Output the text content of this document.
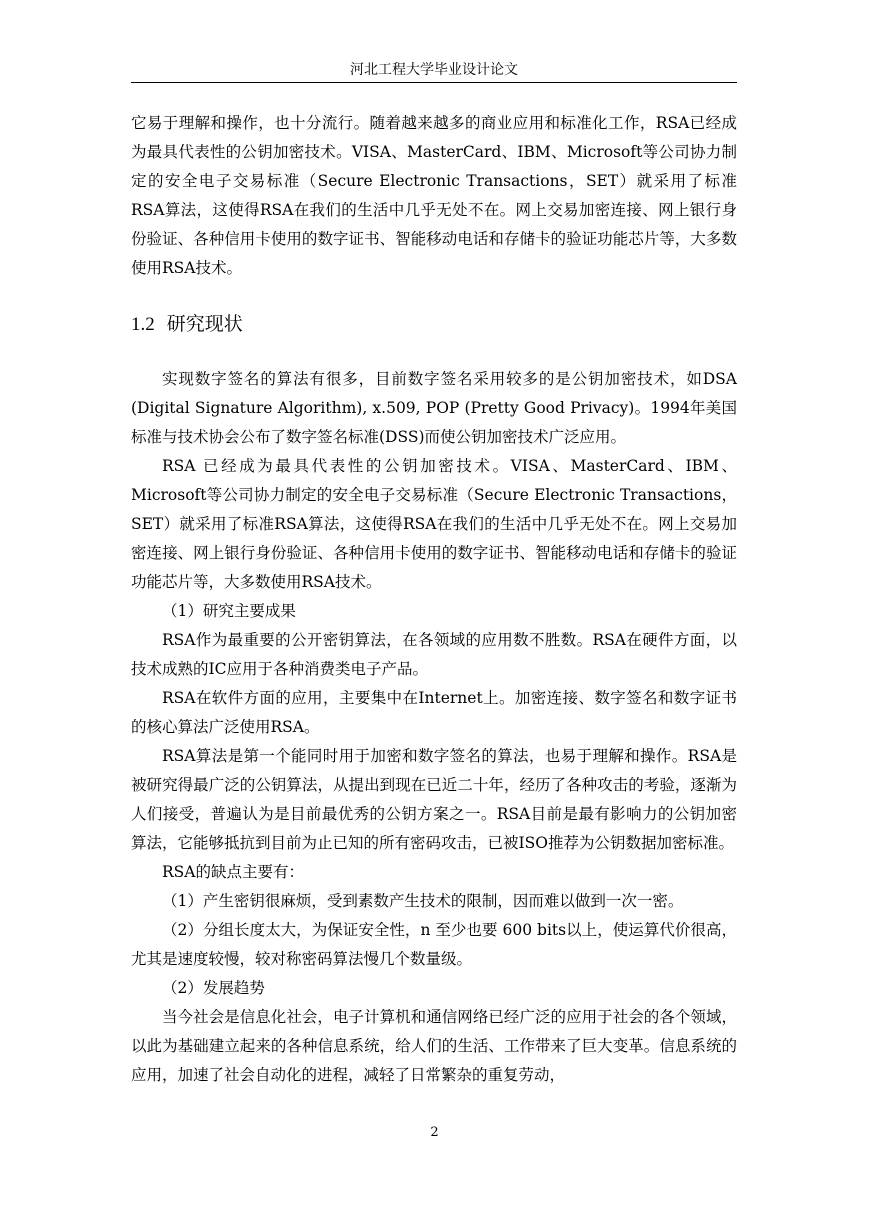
河北工程大学毕业设计论文

它易于理解和操作，也十分流行。随着越来越多的商业应用和标准化工作，RSA已经成为最具代表性的公钥加密技术。VISA、MasterCard、IBM、Microsoft等公司协力制定的安全电子交易标准（Secure Electronic Transactions，SET）就采用了标准RSA算法，这使得RSA在我们的生活中几乎无处不在。网上交易加密连接、网上银行身份验证、各种信用卡使用的数字证书、智能移动电话和存储卡的验证功能芯片等，大多数使用RSA技术。

1.2 研究现状

实现数字签名的算法有很多，目前数字签名采用较多的是公钥加密技术，如DSA (Digital Signature Algorithm), x.509, POP (Pretty Good Privacy)。1994年美国标准与技术协会公布了数字签名标准(DSS)而使公钥加密技术广泛应用。

RSA 已经成为最具代表性的公钥加密技术。VISA、MasterCard、IBM、Microsoft等公司协力制定的安全电子交易标准（Secure Electronic Transactions，SET）就采用了标准RSA算法，这使得RSA在我们的生活中几乎无处不在。网上交易加密连接、网上银行身份验证、各种信用卡使用的数字证书、智能移动电话和存储卡的验证功能芯片等，大多数使用RSA技术。

（1）研究主要成果

RSA作为最重要的公开密钥算法，在各领域的应用数不胜数。RSA在硬件方面，以技术成熟的IC应用于各种消费类电子产品。

RSA在软件方面的应用，主要集中在Internet上。加密连接、数字签名和数字证书的核心算法广泛使用RSA。

RSA算法是第一个能同时用于加密和数字签名的算法，也易于理解和操作。RSA是被研究得最广泛的公钥算法，从提出到现在已近二十年，经历了各种攻击的考验，逐渐为人们接受，普遍认为是目前最优秀的公钥方案之一。RSA目前是最有影响力的公钥加密算法，它能够抵抗到目前为止已知的所有密码攻击，已被ISO推荐为公钥数据加密标准。

RSA的缺点主要有：

（1）产生密钥很麻烦，受到素数产生技术的限制，因而难以做到一次一密。

（2）分组长度太大，为保证安全性，n 至少也要 600 bits以上，使运算代价很高，尤其是速度较慢，较对称密码算法慢几个数量级。

（2）发展趋势

当今社会是信息化社会，电子计算机和通信网络已经广泛的应用于社会的各个领域，以此为基础建立起来的各种信息系统，给人们的生活、工作带来了巨大变革。信息系统的应用，加速了社会自动化的进程，减轻了日常繁杂的重复劳动，

2
